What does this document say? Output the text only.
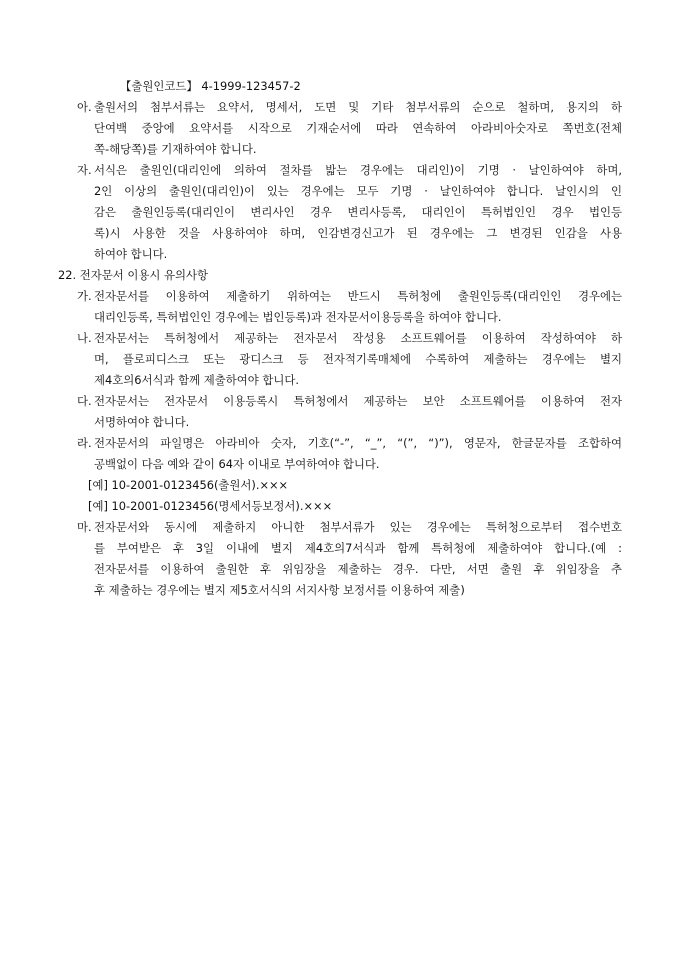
【출원인코드】 4-1999-123457-2
아. 출원서의 첨부서류는 요약서, 명세서, 도면 및 기타 첨부서류의 순으로 철하며, 용지의 하
단여백 중앙에 요약서를 시작으로 기재순서에 따라 연속하여 아라비아숫자로 쪽번호(전체
쪽-해당쪽)를 기재하여야 합니다.
자. 서식은 출원인(대리인에 의하여 절차를 밟는 경우에는 대리인)이 기명 · 날인하여야 하며,
2인 이상의 출원인(대리인)이 있는 경우에는 모두 기명 · 날인하여야 합니다. 날인시의 인
감은 출원인등록(대리인이 변리사인 경우 변리사등록, 대리인이 특허법인인 경우 법인등
록)시 사용한 것을 사용하여야 하며, 인감변경신고가 된 경우에는 그 변경된 인감을 사용
하여야 합니다.
22. 전자문서 이용시 유의사항
가. 전자문서를 이용하여 제출하기 위하여는 반드시 특허청에 출원인등록(대리인인 경우에는
대리인등록, 특허법인인 경우에는 법인등록)과 전자문서이용등록을 하여야 합니다.
나. 전자문서는 특허청에서 제공하는 전자문서 작성용 소프트웨어를 이용하여 작성하여야 하
며, 플로피디스크 또는 광디스크 등 전자적기록매체에 수록하여 제출하는 경우에는 별지
제4호의6서식과 함께 제출하여야 합니다.
다. 전자문서는 전자문서 이용등록시 특허청에서 제공하는 보안 소프트웨어를 이용하여 전자
서명하여야 합니다.
라. 전자문서의 파일명은 아라비아 숫자, 기호(“-”, “_”, “(”, “)”), 영문자, 한글문자를 조합하여
공백없이 다음 예와 같이 64자 이내로 부여하여야 합니다.
[예] 10-2001-0123456(출원서).×××
[예] 10-2001-0123456(명세서등보정서).×××
마. 전자문서와 동시에 제출하지 아니한 첨부서류가 있는 경우에는 특허청으로부터 접수번호
를 부여받은 후 3일 이내에 별지 제4호의7서식과 함께 특허청에 제출하여야 합니다.(예 :
전자문서를 이용하여 출원한 후 위임장을 제출하는 경우. 다만, 서면 출원 후 위임장을 추
후 제출하는 경우에는 별지 제5호서식의 서지사항 보정서를 이용하여 제출)
